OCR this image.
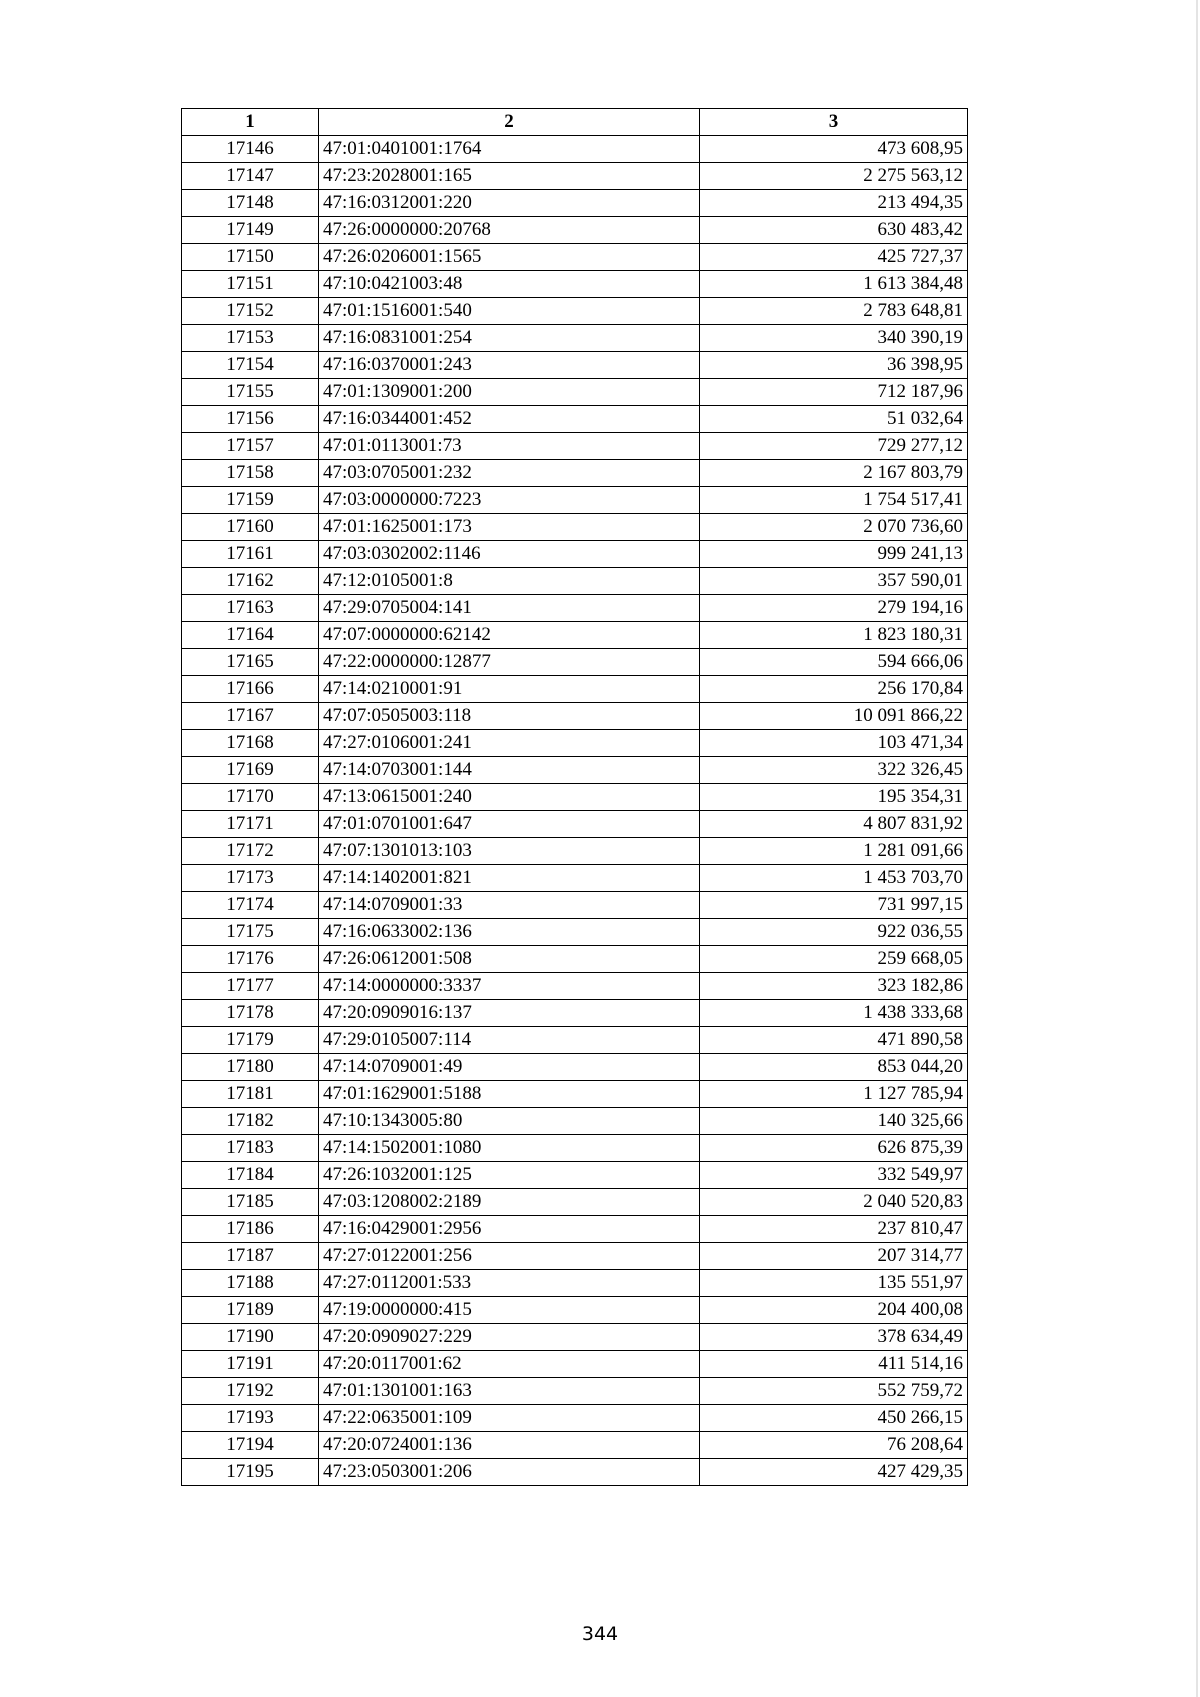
1	2	3
17146	47:01:0401001:1764	473 608,95
17147	47:23:2028001:165	2 275 563,12
17148	47:16:0312001:220	213 494,35
17149	47:26:0000000:20768	630 483,42
17150	47:26:0206001:1565	425 727,37
17151	47:10:0421003:48	1 613 384,48
17152	47:01:1516001:540	2 783 648,81
17153	47:16:0831001:254	340 390,19
17154	47:16:0370001:243	36 398,95
17155	47:01:1309001:200	712 187,96
17156	47:16:0344001:452	51 032,64
17157	47:01:0113001:73	729 277,12
17158	47:03:0705001:232	2 167 803,79
17159	47:03:0000000:7223	1 754 517,41
17160	47:01:1625001:173	2 070 736,60
17161	47:03:0302002:1146	999 241,13
17162	47:12:0105001:8	357 590,01
17163	47:29:0705004:141	279 194,16
17164	47:07:0000000:62142	1 823 180,31
17165	47:22:0000000:12877	594 666,06
17166	47:14:0210001:91	256 170,84
17167	47:07:0505003:118	10 091 866,22
17168	47:27:0106001:241	103 471,34
17169	47:14:0703001:144	322 326,45
17170	47:13:0615001:240	195 354,31
17171	47:01:0701001:647	4 807 831,92
17172	47:07:1301013:103	1 281 091,66
17173	47:14:1402001:821	1 453 703,70
17174	47:14:0709001:33	731 997,15
17175	47:16:0633002:136	922 036,55
17176	47:26:0612001:508	259 668,05
17177	47:14:0000000:3337	323 182,86
17178	47:20:0909016:137	1 438 333,68
17179	47:29:0105007:114	471 890,58
17180	47:14:0709001:49	853 044,20
17181	47:01:1629001:5188	1 127 785,94
17182	47:10:1343005:80	140 325,66
17183	47:14:1502001:1080	626 875,39
17184	47:26:1032001:125	332 549,97
17185	47:03:1208002:2189	2 040 520,83
17186	47:16:0429001:2956	237 810,47
17187	47:27:0122001:256	207 314,77
17188	47:27:0112001:533	135 551,97
17189	47:19:0000000:415	204 400,08
17190	47:20:0909027:229	378 634,49
17191	47:20:0117001:62	411 514,16
17192	47:01:1301001:163	552 759,72
17193	47:22:0635001:109	450 266,15
17194	47:20:0724001:136	76 208,64
17195	47:23:0503001:206	427 429,35
344
